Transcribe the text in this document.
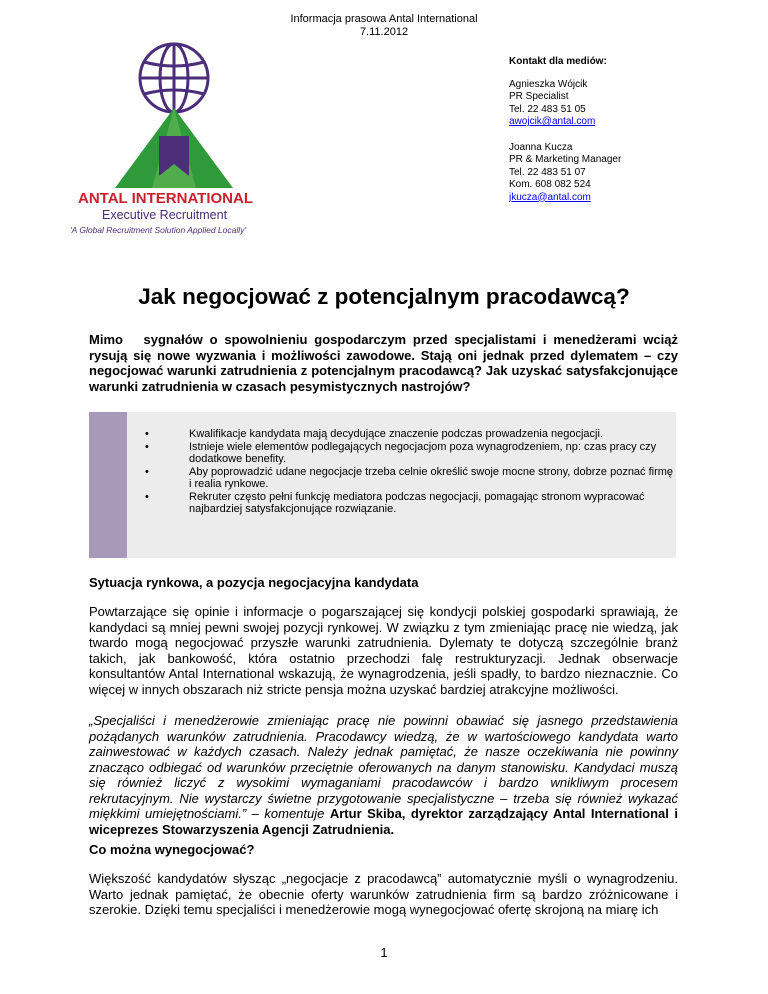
Informacja prasowa Antal International
7.11.2012
ANTAL INTERNATIONAL
Executive Recruitment
'A Global Recruitment Solution Applied Locally'
Kontakt dla mediów:
Agnieszka Wójcik
PR Specialist
Tel. 22 483 51 05
awojcik@antal.com
Joanna Kucza
PR & Marketing Manager
Tel. 22 483 51 07
Kom. 608 082 524
jkucza@antal.com
Jak negocjować z potencjalnym pracodawcą?
Mimo sygnałów o spowolnieniu gospodarczym przed specjalistami i menedżerami wciąż rysują się nowe wyzwania i możliwości zawodowe. Stają oni jednak przed dylematem – czy negocjować warunki zatrudnienia z potencjalnym pracodawcą? Jak uzyskać satysfakcjonujące warunki zatrudnienia w czasach pesymistycznych nastrojów?
• Kwalifikacje kandydata mają decydujące znaczenie podczas prowadzenia negocjacji.
• Istnieje wiele elementów podlegających negocjacjom poza wynagrodzeniem, np: czas pracy czy dodatkowe benefity.
• Aby poprowadzić udane negocjacje trzeba celnie określić swoje mocne strony, dobrze poznać firmę i realia rynkowe.
• Rekruter często pełni funkcję mediatora podczas negocjacji, pomagając stronom wypracować najbardziej satysfakcjonujące rozwiązanie.
Sytuacja rynkowa, a pozycja negocjacyjna kandydata
Powtarzające się opinie i informacje o pogarszającej się kondycji polskiej gospodarki sprawiają, że kandydaci są mniej pewni swojej pozycji rynkowej. W związku z tym zmieniając pracę nie wiedzą, jak twardo mogą negocjować przyszłe warunki zatrudnienia. Dylematy te dotyczą szczególnie branż takich, jak bankowość, która ostatnio przechodzi falę restrukturyzacji. Jednak obserwacje konsultantów Antal International wskazują, że wynagrodzenia, jeśli spadły, to bardzo nieznacznie. Co więcej w innych obszarach niż stricte pensja można uzyskać bardziej atrakcyjne możliwości.
„Specjaliści i menedżerowie zmieniając pracę nie powinni obawiać się jasnego przedstawienia pożądanych warunków zatrudnienia. Pracodawcy wiedzą, że w wartościowego kandydata warto zainwestować w każdych czasach. Należy jednak pamiętać, że nasze oczekiwania nie powinny znacząco odbiegać od warunków przeciętnie oferowanych na danym stanowisku. Kandydaci muszą się również liczyć z wysokimi wymaganiami pracodawców i bardzo wnikliwym procesem rekrutacyjnym. Nie wystarczy świetne przygotowanie specjalistyczne – trzeba się również wykazać miękkimi umiejętnościami.” – komentuje Artur Skiba, dyrektor zarządzający Antal International i wiceprezes Stowarzyszenia Agencji Zatrudnienia.
Co można wynegocjować?
Większość kandydatów słysząc „negocjacje z pracodawcą” automatycznie myśli o wynagrodzeniu. Warto jednak pamiętać, że obecnie oferty warunków zatrudnienia firm są bardzo zróżnicowane i szerokie. Dzięki temu specjaliści i menedżerowie mogą wynegocjować ofertę skrojoną na miarę ich
1
